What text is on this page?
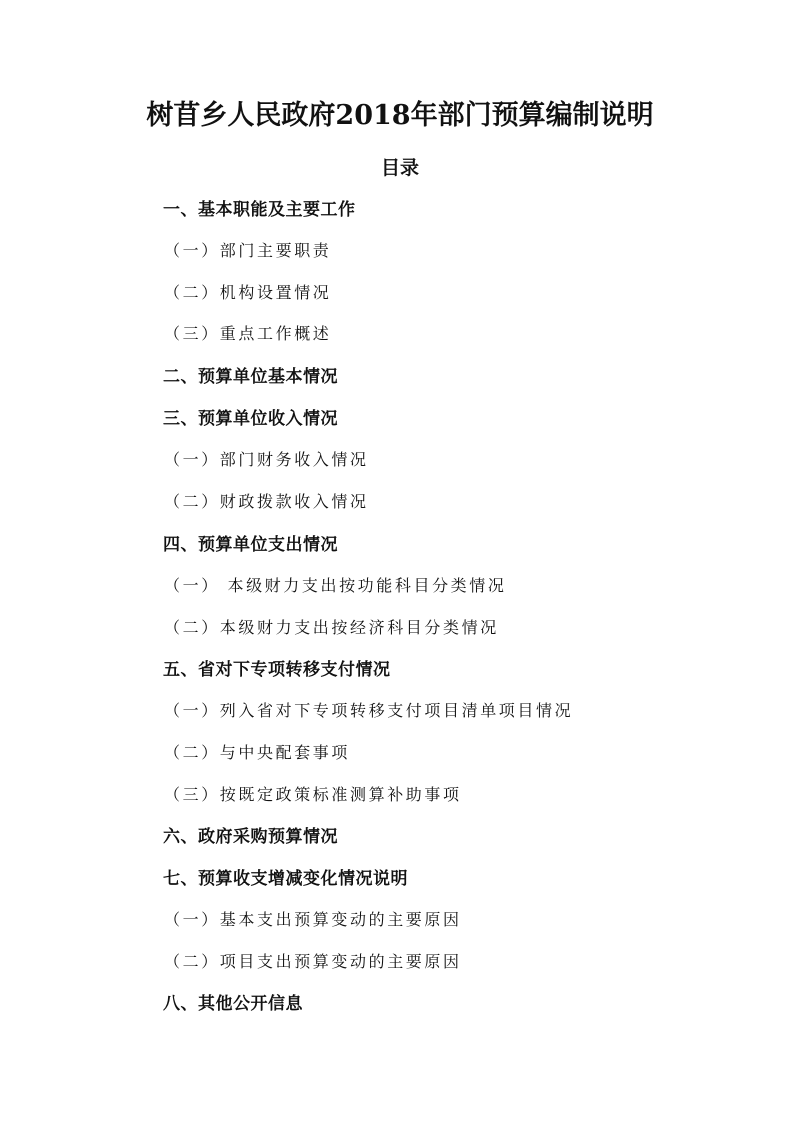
树苜乡人民政府2018年部门预算编制说明
目录
一、基本职能及主要工作
（一）部门主要职责
（二）机构设置情况
（三）重点工作概述
二、预算单位基本情况
三、预算单位收入情况
（一）部门财务收入情况
（二）财政拨款收入情况
四、预算单位支出情况
（一） 本级财力支出按功能科目分类情况
（二）本级财力支出按经济科目分类情况
五、省对下专项转移支付情况
（一）列入省对下专项转移支付项目清单项目情况
（二）与中央配套事项
（三）按既定政策标准测算补助事项
六、政府采购预算情况
七、预算收支增减变化情况说明
（一）基本支出预算变动的主要原因
（二）项目支出预算变动的主要原因
八、其他公开信息
